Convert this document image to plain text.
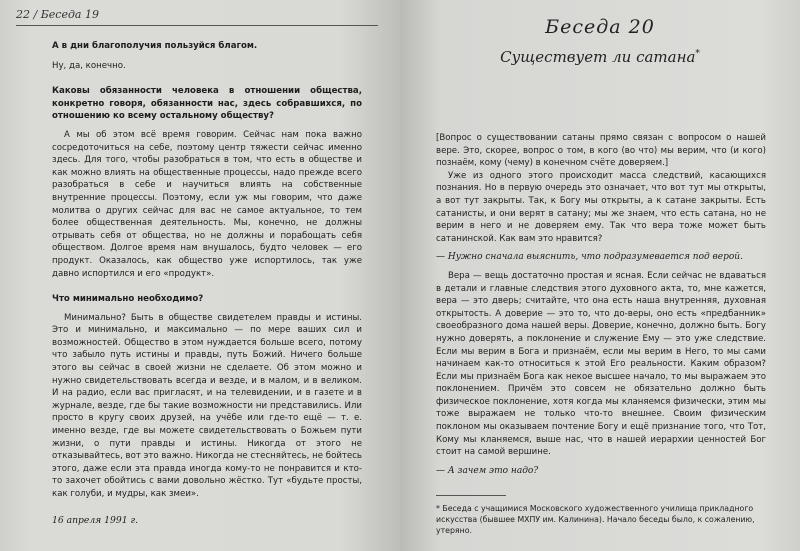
22 / Беседа 19

А в дни благополучия пользуйся благом.

Ну, да, конечно.

Каковы обязанности человека в отношении общества, конкретно говоря, обязанности нас, здесь собравшихся, по отношению ко всему остальному обществу?

А мы об этом всё время говорим. Сейчас нам пока важно сосредоточиться на себе, поэтому центр тяжести сейчас именно здесь. Для того, чтобы разобраться в том, что есть в обществе и как можно влиять на общественные процессы, надо прежде всего разобраться в себе и научиться влиять на собственные внутренние процессы. Поэтому, если уж мы говорим, что даже молитва о других сейчас для вас не самое актуальное, то тем более общественная деятельность. Мы, конечно, не должны отрывать себя от общества, но не должны и порабощать себя обществом. Долгое время нам внушалось, будто человек — его продукт. Оказалось, как общество уже испортилось, так уже давно испортился и его «продукт».

Что минимально необходимо?

Минимально? Быть в обществе свидетелем правды и истины. Это и минимально, и максимально — по мере ваших сил и возможностей. Общество в этом нуждается больше всего, потому что забыло путь истины и правды, путь Божий. Ничего больше этого вы сейчас в своей жизни не сделаете. Об этом можно и нужно свидетельствовать всегда и везде, и в малом, и в великом. И на радио, если вас пригласят, и на телевидении, и в газете и в журнале, везде, где бы такие возможности ни представились. Или просто в кругу своих друзей, на учёбе или где-то ещё — т. е. именно везде, где вы можете свидетельствовать о Божьем пути жизни, о пути правды и истины. Никогда от этого не отказывайтесь, вот это важно. Никогда не стесняйтесь, не бойтесь этого, даже если эта правда иногда кому-то не понравится и кто-то захочет обойтись с вами довольно жёстко. Тут «будьте просты, как голуби, и мудры, как змеи».

16 апреля 1991 г.

Беседа 20
Существует ли сатана*

[Вопрос о существовании сатаны прямо связан с вопросом о нашей вере. Это, скорее, вопрос о том, в кого (во что) мы верим, что (и кого) познаём, кому (чему) в конечном счёте доверяем.]

Уже из одного этого происходит масса следствий, касающихся познания. Но в первую очередь это означает, что вот тут мы открыты, а вот тут закрыты. Так, к Богу мы открыты, а к сатане закрыты. Есть сатанисты, и они верят в сатану; мы же знаем, что есть сатана, но не верим в него и не доверяем ему. Так что вера тоже может быть сатанинской. Как вам это нравится?

— Нужно сначала выяснить, что подразумевается под верой.

Вера — вещь достаточно простая и ясная. Если сейчас не вдаваться в детали и главные следствия этого духовного акта, то, мне кажется, вера — это дверь; считайте, что она есть наша внутренняя, духовная открытость. А доверие — это то, что до-веры, оно есть «предбанник» своеобразного дома нашей веры. Доверие, конечно, должно быть. Богу нужно доверять, а поклонение и служение Ему — это уже следствие. Если мы верим в Бога и признаём, если мы верим в Него, то мы сами начинаем как-то относиться к этой Его реальности. Каким образом? Если мы признаём Бога как некое высшее начало, то мы выражаем это поклонением. Причём это совсем не обязательно должно быть физическое поклонение, хотя когда мы кланяемся физически, этим мы тоже выражаем не только что-то внешнее. Своим физическим поклоном мы оказываем почтение Богу и ещё признание того, что Тот, Кому мы кланяемся, выше нас, что в нашей иерархии ценностей Бог стоит на самой вершине.

— А зачем это надо?

* Беседа с учащимися Московского художественного училища прикладного искусства (бывшее МХПУ им. Калинина). Начало беседы было, к сожалению, утеряно.
